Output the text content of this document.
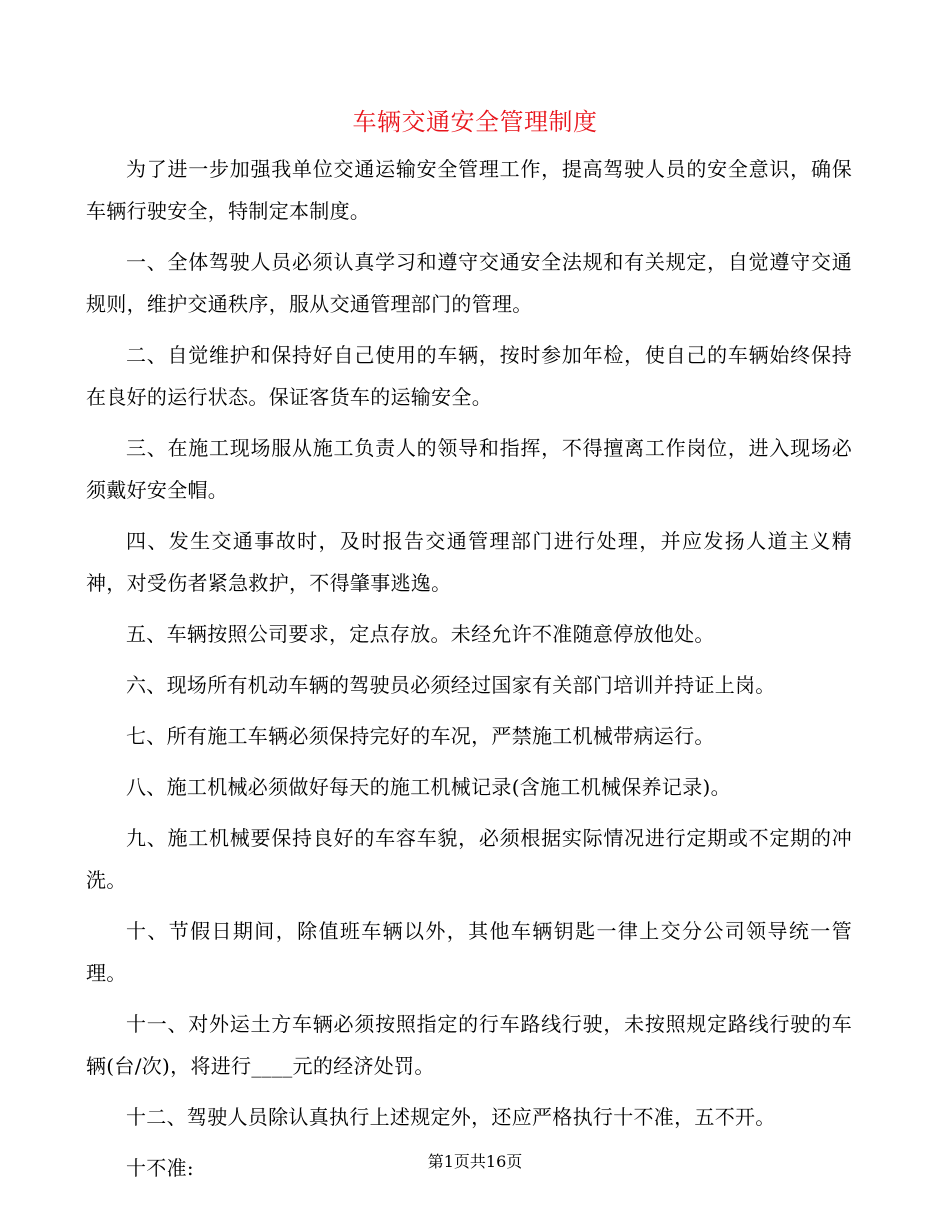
车辆交通安全管理制度

为了进一步加强我单位交通运输安全管理工作，提高驾驶人员的安全意识，确保车辆行驶安全，特制定本制度。

一、全体驾驶人员必须认真学习和遵守交通安全法规和有关规定，自觉遵守交通规则，维护交通秩序，服从交通管理部门的管理。

二、自觉维护和保持好自己使用的车辆，按时参加年检，使自己的车辆始终保持在良好的运行状态。保证客货车的运输安全。

三、在施工现场服从施工负责人的领导和指挥，不得擅离工作岗位，进入现场必须戴好安全帽。

四、发生交通事故时，及时报告交通管理部门进行处理，并应发扬人道主义精神，对受伤者紧急救护，不得肇事逃逸。

五、车辆按照公司要求，定点存放。未经允许不准随意停放他处。

六、现场所有机动车辆的驾驶员必须经过国家有关部门培训并持证上岗。

七、所有施工车辆必须保持完好的车况，严禁施工机械带病运行。

八、施工机械必须做好每天的施工机械记录(含施工机械保养记录)。

九、施工机械要保持良好的车容车貌，必须根据实际情况进行定期或不定期的冲洗。

十、节假日期间，除值班车辆以外，其他车辆钥匙一律上交分公司领导统一管理。

十一、对外运土方车辆必须按照指定的行车路线行驶，未按照规定路线行驶的车辆(台/次)，将进行____元的经济处罚。

十二、驾驶人员除认真执行上述规定外，还应严格执行十不准，五不开。

十不准:	第1页共16页
